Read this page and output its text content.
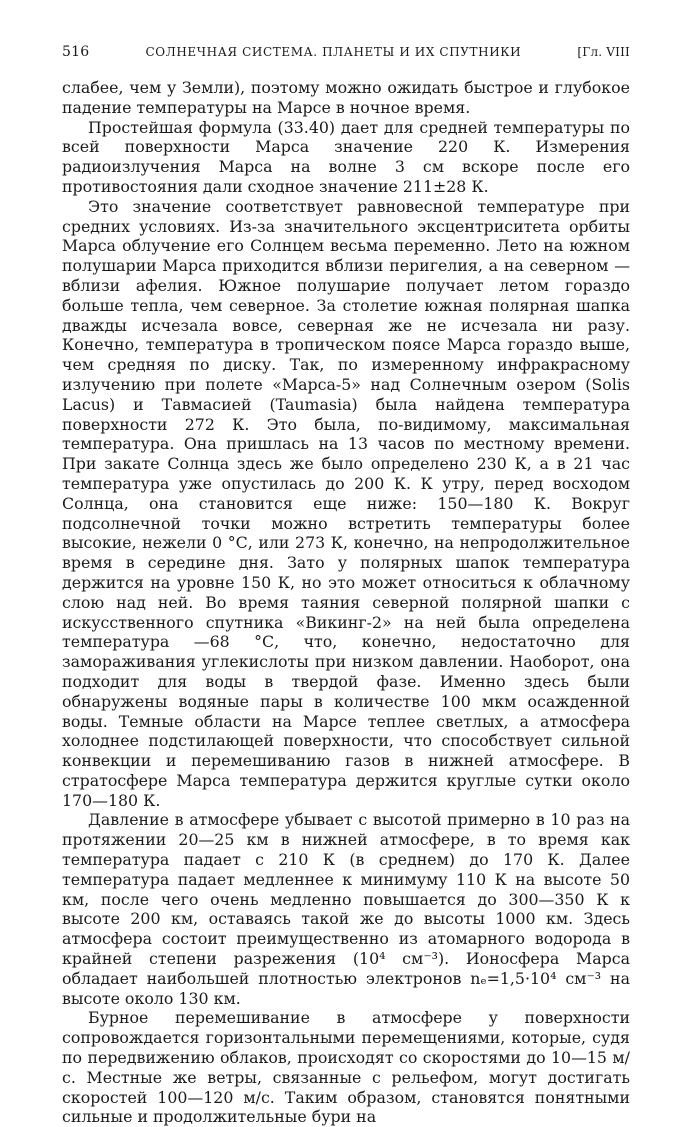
516	СОЛНЕЧНАЯ СИСТЕМА. ПЛАНЕТЫ И ИХ СПУТНИКИ	[Гл. VIII

слабее, чем у Земли), поэтому можно ожидать быстрое и глубокое падение температуры на Марсе в ночное время.

Простейшая формула (33.40) дает для средней температуры по всей поверхности Марса значение 220 К. Измерения радиоизлучения Марса на волне 3 см вскоре после его противостояния дали сходное значение 211±28 К.

Это значение соответствует равновесной температуре при средних условиях. Из-за значительного эксцентриситета орбиты Марса облучение его Солнцем весьма переменно. Лето на южном полушарии Марса приходится вблизи перигелия, а на северном — вблизи афелия. Южное полушарие получает летом гораздо больше тепла, чем северное. За столетие южная полярная шапка дважды исчезала вовсе, северная же не исчезала ни разу. Конечно, температура в тропическом поясе Марса гораздо выше, чем средняя по диску. Так, по измеренному инфракрасному излучению при полете «Марса-5» над Солнечным озером (Solis Lacus) и Тавмасией (Taumasia) была найдена температура поверхности 272 К. Это была, по-видимому, максимальная температура. Она пришлась на 13 часов по местному времени. При закате Солнца здесь же было определено 230 К, а в 21 час температура уже опустилась до 200 К. К утру, перед восходом Солнца, она становится еще ниже: 150—180 К. Вокруг подсолнечной точки можно встретить температуры более высокие, нежели 0 °С, или 273 К, конечно, на непродолжительное время в середине дня. Зато у полярных шапок температура держится на уровне 150 К, но это может относиться к облачному слою над ней. Во время таяния северной полярной шапки с искусственного спутника «Викинг-2» на ней была определена температура —68 °С, что, конечно, недостаточно для замораживания углекислоты при низком давлении. Наоборот, она подходит для воды в твердой фазе. Именно здесь были обнаружены водяные пары в количестве 100 мкм осажденной воды. Темные области на Марсе теплее светлых, а атмосфера холоднее подстилающей поверхности, что способствует сильной конвекции и перемешиванию газов в нижней атмосфере. В стратосфере Марса температура держится круглые сутки около 170—180 К.

Давление в атмосфере убывает с высотой примерно в 10 раз на протяжении 20—25 км в нижней атмосфере, в то время как температура падает с 210 К (в среднем) до 170 К. Далее температура падает медленнее к минимуму 110 К на высоте 50 км, после чего очень медленно повышается до 300—350 К к высоте 200 км, оставаясь такой же до высоты 1000 км. Здесь атмосфера состоит преимущественно из атомарного водорода в крайней степени разрежения (10⁴ см⁻³). Ионосфера Марса обладает наибольшей плотностью электронов nₑ=1,5·10⁴ см⁻³ на высоте около 130 км.

Бурное перемешивание в атмосфере у поверхности сопровождается горизонтальными перемещениями, которые, судя по передвижению облаков, происходят со скоростями до 10—15 м/с. Местные же ветры, связанные с рельефом, могут достигать скоростей 100—120 м/с. Таким образом, становятся понятными сильные и продолжительные бури на
